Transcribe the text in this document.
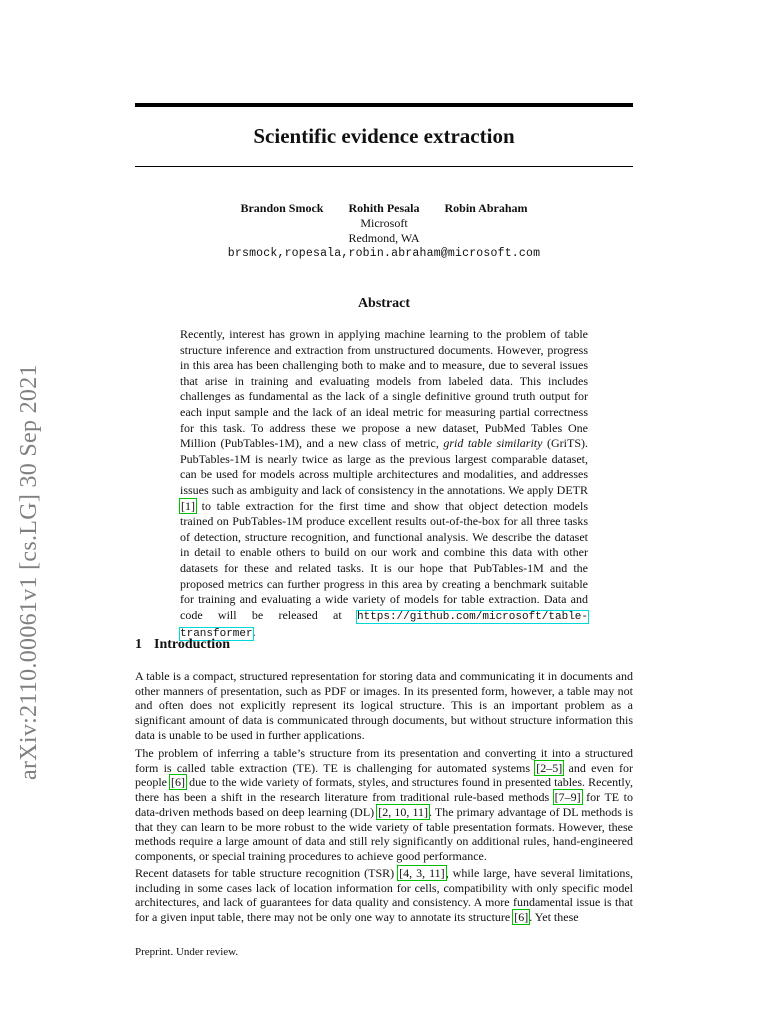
arXiv:2110.00061v1 [cs.LG] 30 Sep 2021
Scientific evidence extraction
Brandon Smock Rohith Pesala Robin Abraham
Microsoft
Redmond, WA
brsmock,ropesala,robin.abraham@microsoft.com
Abstract
Recently, interest has grown in applying machine learning to the problem of table structure inference and extraction from unstructured documents. However, progress in this area has been challenging both to make and to measure, due to several issues that arise in training and evaluating models from labeled data. This includes challenges as fundamental as the lack of a single definitive ground truth output for each input sample and the lack of an ideal metric for measuring partial correctness for this task. To address these we propose a new dataset, PubMed Tables One Million (PubTables-1M), and a new class of metric, grid table similarity (GriTS). PubTables-1M is nearly twice as large as the previous largest comparable dataset, can be used for models across multiple architectures and modalities, and addresses issues such as ambiguity and lack of consistency in the annotations. We apply DETR [1] to table extraction for the first time and show that object detection models trained on PubTables-1M produce excellent results out-of-the-box for all three tasks of detection, structure recognition, and functional analysis. We describe the dataset in detail to enable others to build on our work and combine this data with other datasets for these and related tasks. It is our hope that PubTables-1M and the proposed metrics can further progress in this area by creating a benchmark suitable for training and evaluating a wide variety of models for table extraction. Data and code will be released at https://github.com/microsoft/table-transformer.
1 Introduction

A table is a compact, structured representation for storing data and communicating it in documents and other manners of presentation, such as PDF or images. In its presented form, however, a table may not and often does not explicitly represent its logical structure. This is an important problem as a significant amount of data is communicated through documents, but without structure information this data is unable to be used in further applications.

The problem of inferring a table’s structure from its presentation and converting it into a structured form is called table extraction (TE). TE is challenging for automated systems [2–5] and even for people [6] due to the wide variety of formats, styles, and structures found in presented tables. Recently, there has been a shift in the research literature from traditional rule-based methods [7–9] for TE to data-driven methods based on deep learning (DL) [2, 10, 11]. The primary advantage of DL methods is that they can learn to be more robust to the wide variety of table presentation formats. However, these methods require a large amount of data and still rely significantly on additional rules, hand-engineered components, or special training procedures to achieve good performance.

Recent datasets for table structure recognition (TSR) [4, 3, 11], while large, have several limitations, including in some cases lack of location information for cells, compatibility with only specific model architectures, and lack of guarantees for data quality and consistency. A more fundamental issue is that for a given input table, there may not be only one way to annotate its structure [6]. Yet these

Preprint. Under review.
